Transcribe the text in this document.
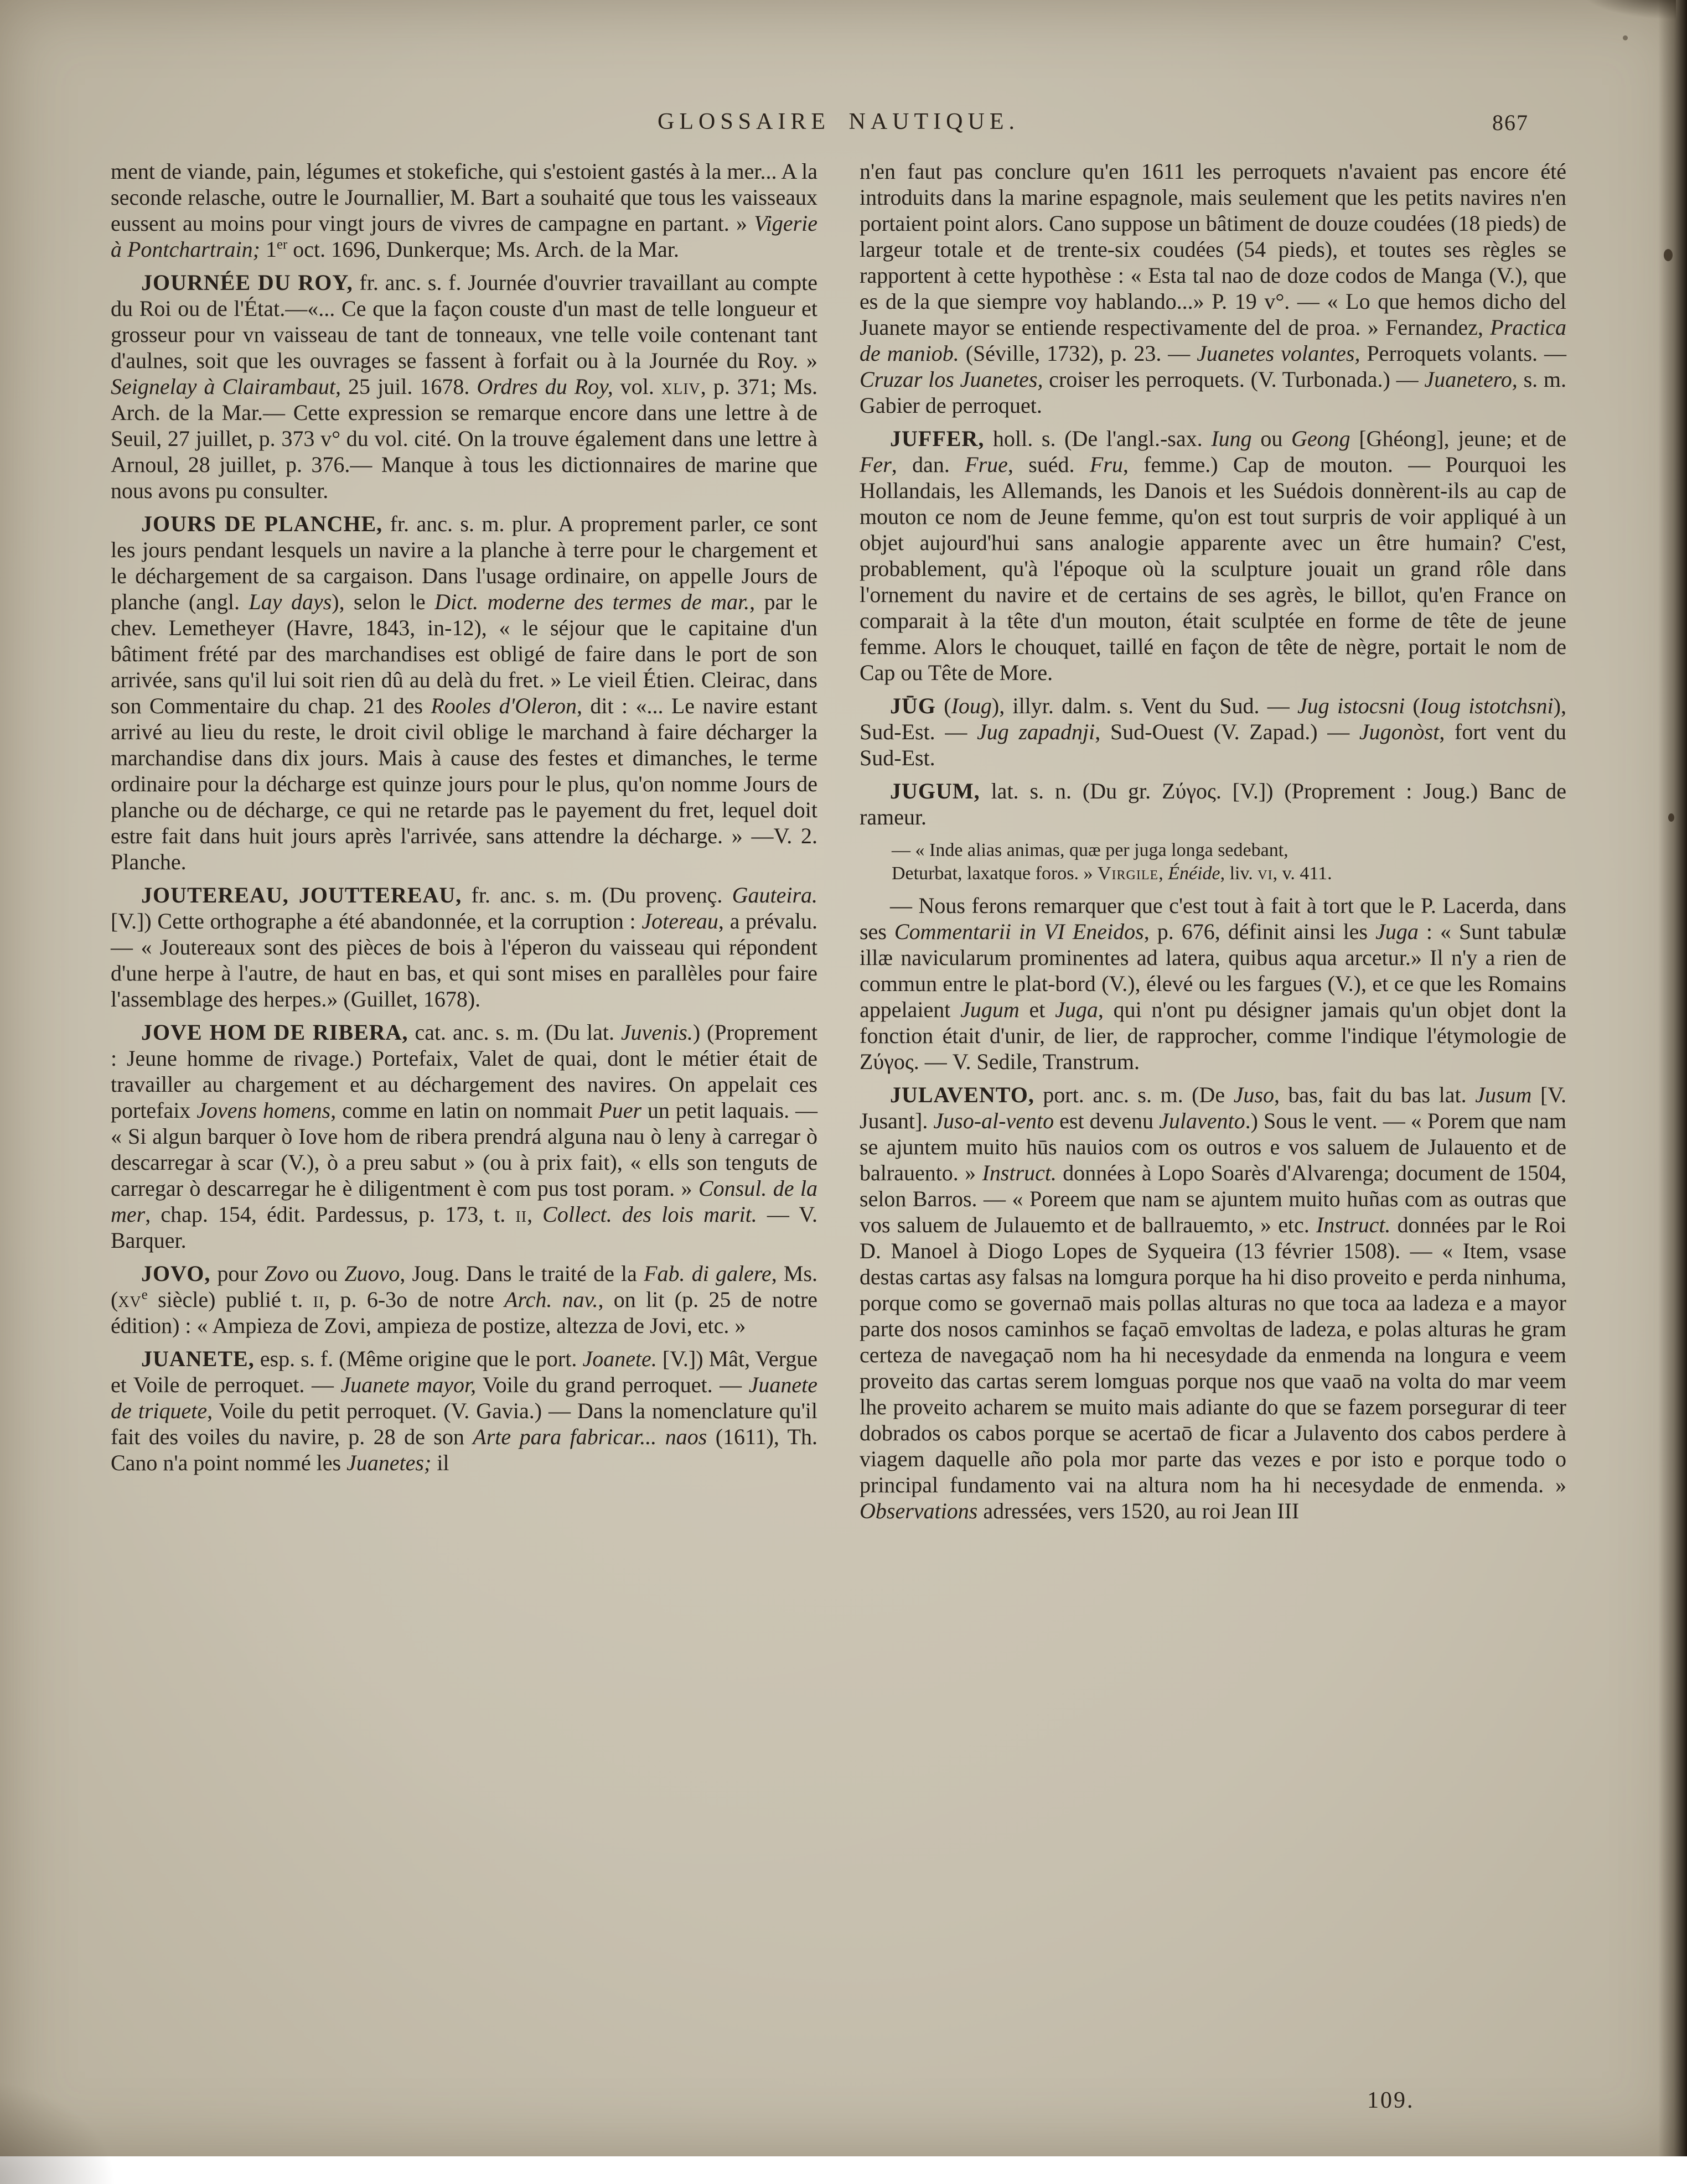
GLOSSAIRE NAUTIQUE.	867

ment de viande, pain, légumes et stokefiche, qui s'estoient gastés à la mer... A la seconde relasche, outre le Journallier, M. Bart a souhaité que tous les vaisseaux eussent au moins pour vingt jours de vivres de campagne en partant. » Vigerie à Pontchartrain; 1er oct. 1696, Dunkerque; Ms. Arch. de la Mar.

JOURNÉE DU ROY, fr. anc. s. f. Journée d'ouvrier travaillant au compte du Roi ou de l'État.—«... Ce que la façon couste d'un mast de telle longueur et grosseur pour vn vaisseau de tant de tonneaux, vne telle voile contenant tant d'aulnes, soit que les ouvrages se fassent à forfait ou à la Journée du Roy. » Seignelay à Clairambaut, 25 juil. 1678. Ordres du Roy, vol. xliv, p. 371; Ms. Arch. de la Mar.— Cette expression se remarque encore dans une lettre à de Seuil, 27 juillet, p. 373 v° du vol. cité. On la trouve également dans une lettre à Arnoul, 28 juillet, p. 376.— Manque à tous les dictionnaires de marine que nous avons pu consulter.

JOURS DE PLANCHE, fr. anc. s. m. plur. A proprement parler, ce sont les jours pendant lesquels un navire a la planche à terre pour le chargement et le déchargement de sa cargaison. Dans l'usage ordinaire, on appelle Jours de planche (angl. Lay days), selon le Dict. moderne des termes de mar., par le chev. Lemetheyer (Havre, 1843, in-12), « le séjour que le capitaine d'un bâtiment frété par des marchandises est obligé de faire dans le port de son arrivée, sans qu'il lui soit rien dû au delà du fret. » Le vieil Étien. Cleirac, dans son Commentaire du chap. 21 des Rooles d'Oleron, dit : «... Le navire estant arrivé au lieu du reste, le droit civil oblige le marchand à faire décharger la marchandise dans dix jours. Mais à cause des festes et dimanches, le terme ordinaire pour la décharge est quinze jours pour le plus, qu'on nomme Jours de planche ou de décharge, ce qui ne retarde pas le payement du fret, lequel doit estre fait dans huit jours après l'arrivée, sans attendre la décharge. » —V. 2. Planche.

JOUTEREAU, JOUTTEREAU, fr. anc. s. m. (Du provenç. Gauteira. [V.]) Cette orthographe a été abandonnée, et la corruption : Jotereau, a prévalu. — « Joutereaux sont des pièces de bois à l'éperon du vaisseau qui répondent d'une herpe à l'autre, de haut en bas, et qui sont mises en parallèles pour faire l'assemblage des herpes.» (Guillet, 1678).

JOVE HOM DE RIBERA, cat. anc. s. m. (Du lat. Juvenis.) (Proprement : Jeune homme de rivage.) Portefaix, Valet de quai, dont le métier était de travailler au chargement et au déchargement des navires. On appelait ces portefaix Jovens homens, comme en latin on nommait Puer un petit laquais. — « Si algun barquer ò Iove hom de ribera prendrá alguna nau ò leny à carregar ò descarregar à scar (V.), ò a preu sabut » (ou à prix fait), « ells son tenguts de carregar ò descarregar he è diligentment è com pus tost poram. » Consul. de la mer, chap. 154, édit. Pardessus, p. 173, t. ii, Collect. des lois marit. — V. Barquer.

JOVO, pour Zovo ou Zuovo, Joug. Dans le traité de la Fab. di galere, Ms. ($xv^e$ siècle) publié t. ii, p. 6-3o de notre Arch. nav., on lit (p. 25 de notre édition) : « Ampieza de Zovi, ampieza de postize, altezza de Jovi, etc. »

JUANETE, esp. s. f. (Même origine que le port. Joanete. [V.]) Mât, Vergue et Voile de perroquet. — Juanete mayor, Voile du grand perroquet. — Juanete de triquete, Voile du petit perroquet. (V. Gavia.) — Dans la nomenclature qu'il fait des voiles du navire, p. 28 de son Arte para fabricar... naos (1611), Th. Cano n'a point nommé les Juanetes; il

n'en faut pas conclure qu'en 1611 les perroquets n'avaient pas encore été introduits dans la marine espagnole, mais seulement que les petits navires n'en portaient point alors. Cano suppose un bâtiment de douze coudées (18 pieds) de largeur totale et de trente-six coudées (54 pieds), et toutes ses règles se rapportent à cette hypothèse : « Esta tal nao de doze codos de Manga (V.), que es de la que siempre voy hablando...» P. 19 v°. — « Lo que hemos dicho del Juanete mayor se entiende respectivamente del de proa. » Fernandez, Practica de maniob. (Séville, 1732), p. 23. — Juanetes volantes, Perroquets volants. — Cruzar los Juanetes, croiser les perroquets. (V. Turbonada.) — Juanetero, s. m. Gabier de perroquet.

JUFFER, holl. s. (De l'angl.-sax. Iung ou Geong [Ghéong], jeune; et de Fer, dan. Frue, suéd. Fru, femme.) Cap de mouton. — Pourquoi les Hollandais, les Allemands, les Danois et les Suédois donnèrent-ils au cap de mouton ce nom de Jeune femme, qu'on est tout surpris de voir appliqué à un objet aujourd'hui sans analogie apparente avec un être humain? C'est, probablement, qu'à l'époque où la sculpture jouait un grand rôle dans l'ornement du navire et de certains de ses agrès, le billot, qu'en France on comparait à la tête d'un mouton, était sculptée en forme de tête de jeune femme. Alors le chouquet, taillé en façon de tête de nègre, portait le nom de Cap ou Tête de More.

JŪG (Ioug), illyr. dalm. s. Vent du Sud. — Jug istocsni (Ioug istotchsni), Sud-Est. — Jug zapadnji, Sud-Ouest (V. Zapad.) — Jugonòst, fort vent du Sud-Est.

JUGUM, lat. s. n. (Du gr. Ζύγος. [V.]) (Proprement : Joug.) Banc de rameur.

— « Inde alias animas, quæ per juga longa sedebant,
Deturbat, laxatque foros. » Virgile, Énéide, liv. vi, v. 411.

— Nous ferons remarquer que c'est tout à fait à tort que le P. Lacerda, dans ses Commentarii in VI Eneidos, p. 676, définit ainsi les Juga : « Sunt tabulæ illæ navicularum prominentes ad latera, quibus aqua arcetur.» Il n'y a rien de commun entre le plat-bord (V.), élevé ou les fargues (V.), et ce que les Romains appelaient Jugum et Juga, qui n'ont pu désigner jamais qu'un objet dont la fonction était d'unir, de lier, de rapprocher, comme l'indique l'étymologie de Ζύγος. — V. Sedile, Transtrum.

JULAVENTO, port. anc. s. m. (De Juso, bas, fait du bas lat. Jusum [V. Jusant]. Juso-al-vento est devenu Julavento.) Sous le vent. — « Porem que nam se ajuntem muito hūs nauios com os outros e vos saluem de Julauento et de balrauento. » Instruct. données à Lopo Soarès d'Alvarenga; document de 1504, selon Barros. — « Poreem que nam se ajuntem muito huñas com as outras que vos saluem de Julauemto et de ballrauemto, » etc. Instruct. données par le Roi D. Manoel à Diogo Lopes de Syqueira (13 février 1508). — « Item, vsase destas cartas asy falsas na lomgura porque ha hi diso proveito e perda ninhuma, porque como se governaō mais pollas alturas no que toca aa ladeza e a mayor parte dos nosos caminhos se façaō emvoltas de ladeza, e polas alturas he gram certeza de navegaçaō nom ha hi necesydade da enmenda na longura e veem proveito das cartas serem lomguas porque nos que vaaō na volta do mar veem lhe proveito acharem se muito mais adiante do que se fazem porsegurar di teer dobrados os cabos porque se acertaō de ficar a Julavento dos cabos perdere à viagem daquelle año pola mor parte das vezes e por isto e porque todo o principal fundamento vai na altura nom ha hi necesydade de enmenda. » Observations adressées, vers 1520, au roi Jean III

109.
